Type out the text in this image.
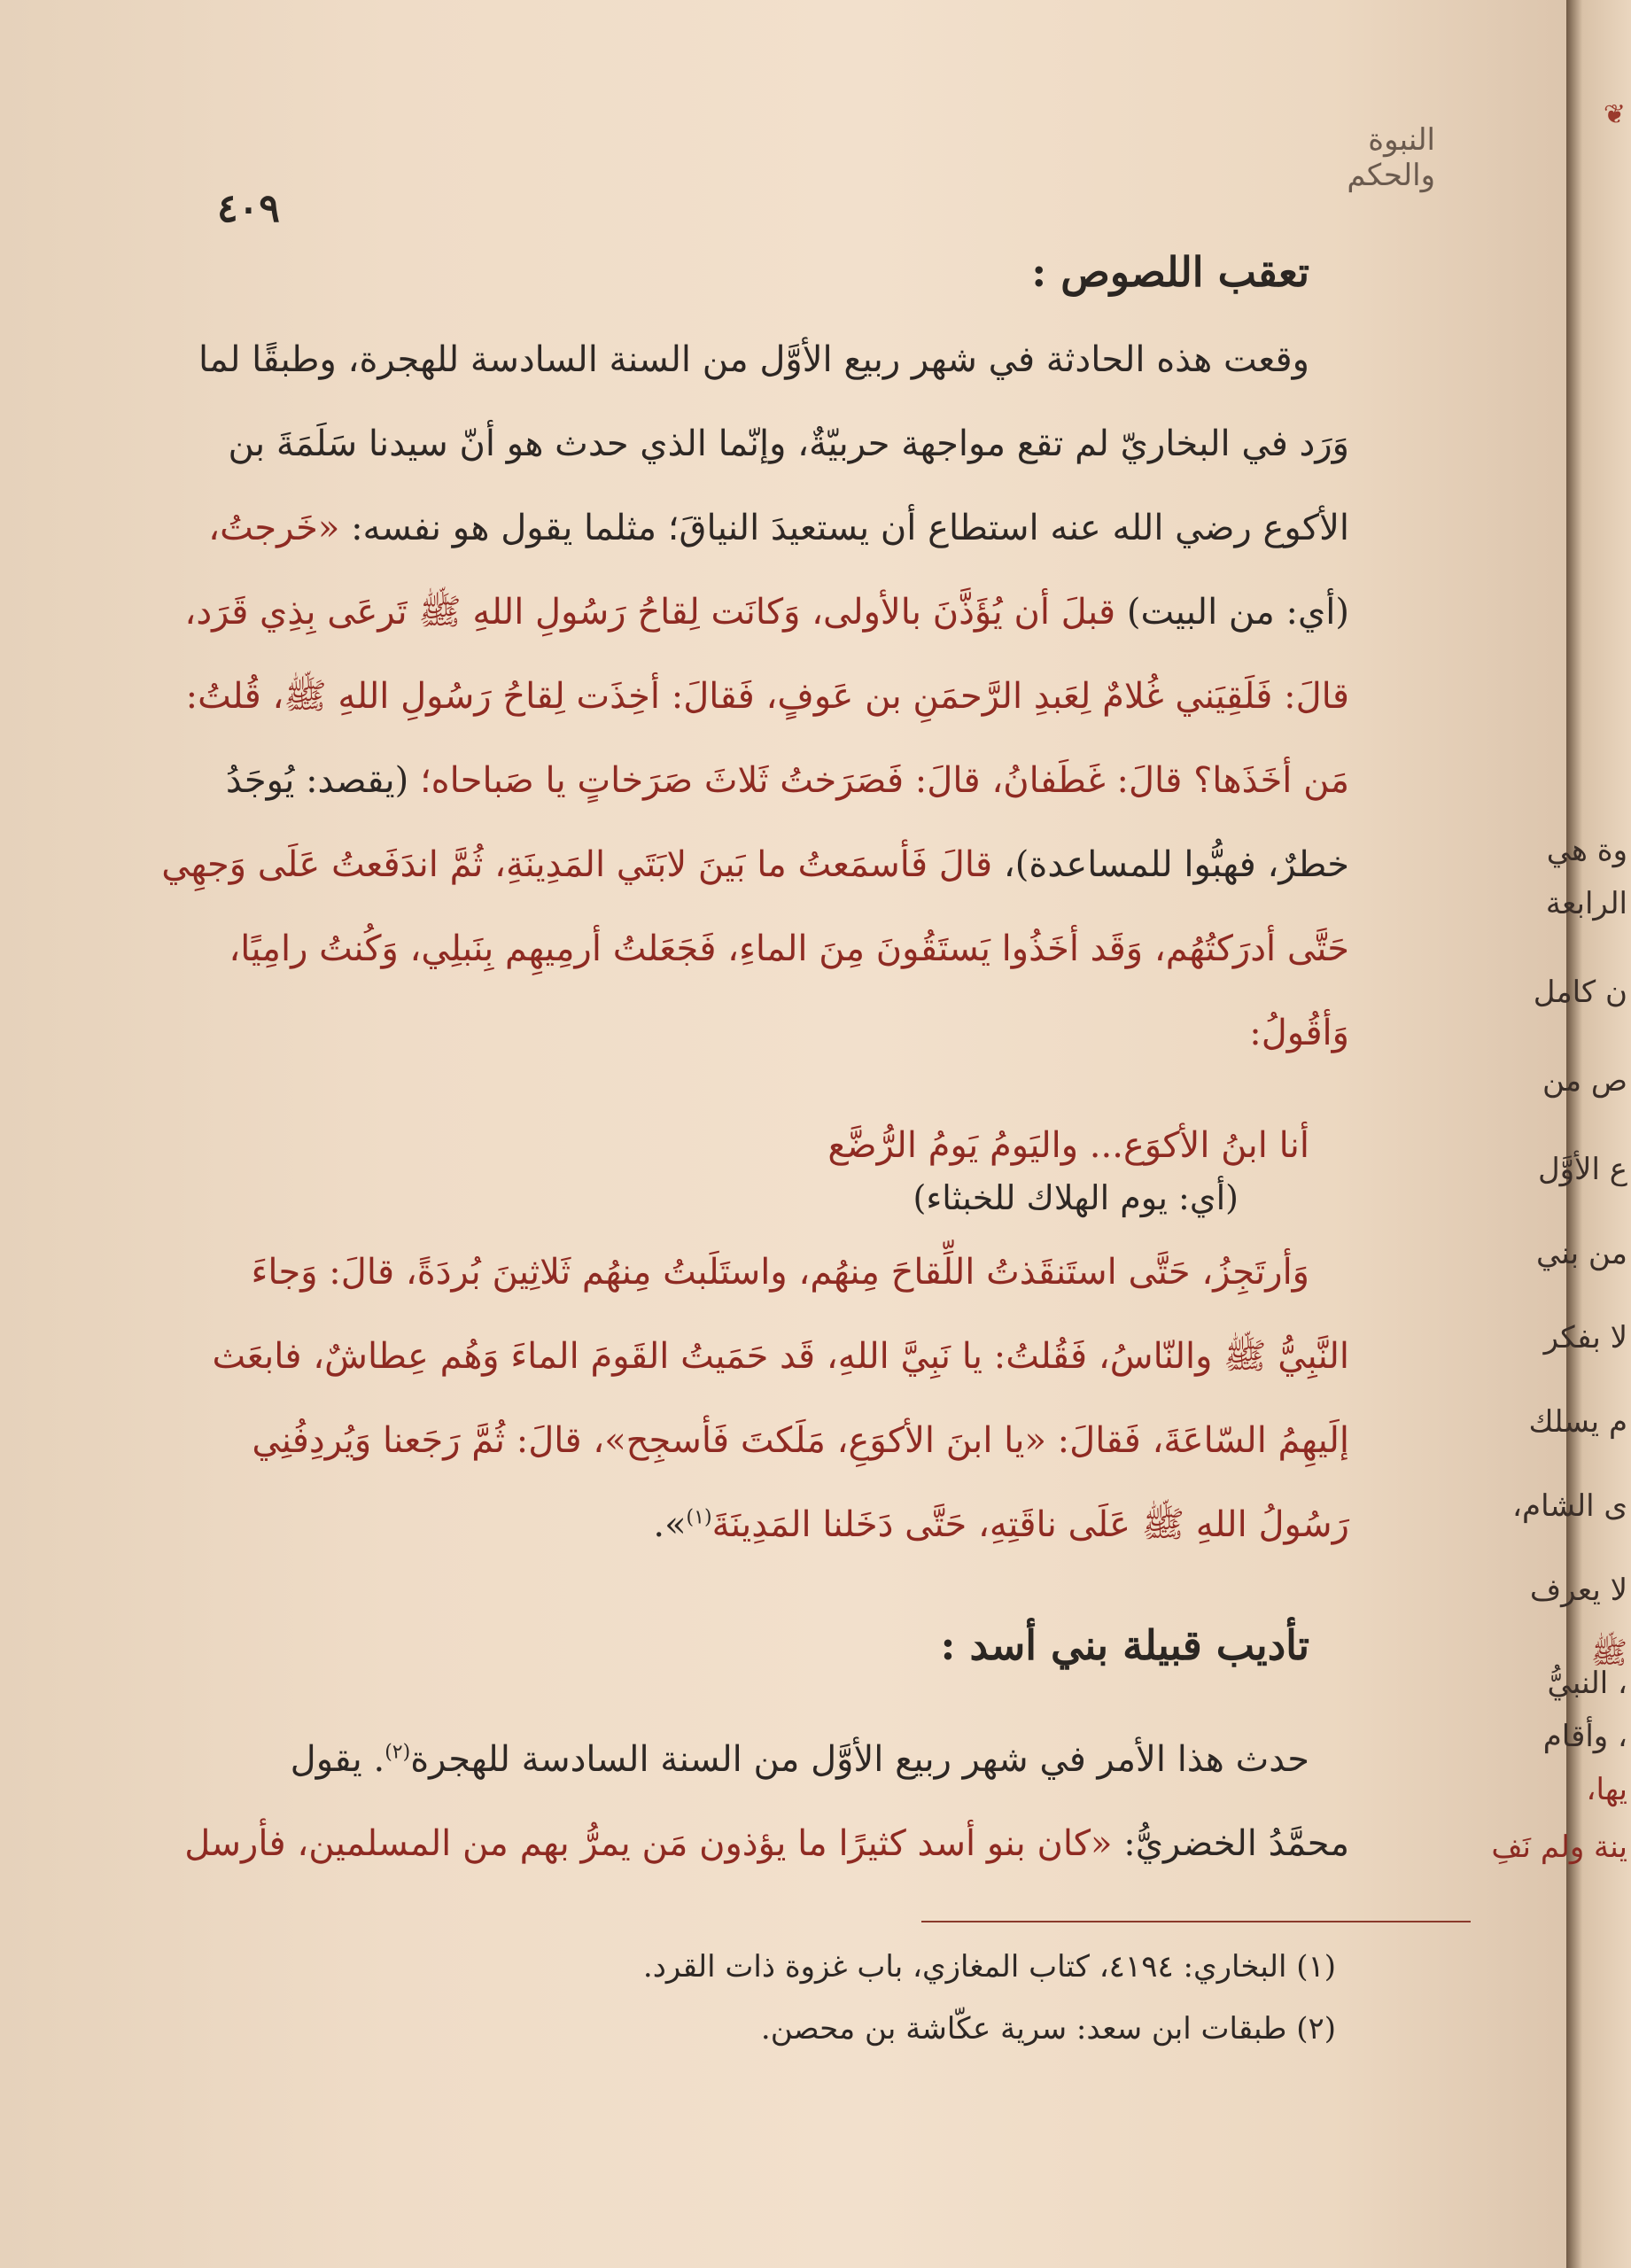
النبوة والحكم
٤٠٩
تعقب اللصوص :
وقعت هذه الحادثة في شهر ربيع الأوَّل من السنة السادسة للهجرة، وطبقًا لما
وَرَد في البخاريّ لم تقع مواجهة حربيّةٌ، وإنّما الذي حدث هو أنّ سيدنا سَلَمَةَ بن
الأكوع رضي الله عنه استطاع أن يستعيدَ النياقَ؛ مثلما يقول هو نفسه: «خَرجتُ،
(أي: من البيت) قبلَ أن يُؤَذَّنَ بالأولى، وَكانَت لِقاحُ رَسُولِ اللهِ ﷺ تَرعَى بِذِي قَرَد،
قالَ: فَلَقِيَني غُلامٌ لِعَبدِ الرَّحمَنِ بن عَوفٍ، فَقالَ: أخِذَت لِقاحُ رَسُولِ اللهِ ﷺ، قُلتُ:
مَن أخَذَها؟ قالَ: غَطَفانُ، قالَ: فَصَرَختُ ثَلاثَ صَرَخاتٍ يا صَباحاه؛ (يقصد: يُوجَدُ
خطرٌ، فهبُّوا للمساعدة)، قالَ فَأسمَعتُ ما بَينَ لابَتَي المَدِينَةِ، ثُمَّ اندَفَعتُ عَلَى وَجهِي
حَتَّى أدرَكتُهُم، وَقَد أخَذُوا يَستَقُونَ مِنَ الماءِ، فَجَعَلتُ أرمِيهِم بِنَبلِي، وَكُنتُ رامِيًا،
وَأقُولُ:
أنا ابنُ الأكوَع... واليَومُ يَومُ الرُّضَّع
(أي: يوم الهلاك للخبثاء)
وَأرتَجِزُ، حَتَّى استَنقَذتُ اللِّقاحَ مِنهُم، واستَلَبتُ مِنهُم ثَلاثِينَ بُردَةً، قالَ: وَجاءَ
النَّبِيُّ ﷺ والنّاسُ، فَقُلتُ: يا نَبِيَّ اللهِ، قَد حَمَيتُ القَومَ الماءَ وَهُم عِطاشٌ، فابعَث
إلَيهِمُ السّاعَةَ، فَقالَ: «يا ابنَ الأكوَعِ، مَلَكتَ فَأسجِح»، قالَ: ثُمَّ رَجَعنا وَيُردِفُنِي
رَسُولُ اللهِ ﷺ عَلَى ناقَتِهِ، حَتَّى دَخَلنا المَدِينَةَ$^{(١)}$».
تأديب قبيلة بني أسد :
حدث هذا الأمر في شهر ربيع الأوَّل من السنة السادسة للهجرة$^{(٢)}$. يقول
محمَّدُ الخضريُّ: «كان بنو أسد كثيرًا ما يؤذون مَن يمرُّ بهم من المسلمين، فأرسل
(١) البخاري: ٤١٩٤، كتاب المغازي، باب غزوة ذات القرد.
(٢) طبقات ابن سعد: سرية عكّاشة بن محصن.
❦
وة هي
الرابعة
ن كامل
ص من
ع الأوَّل
من بني
لا بفكر
م يسلك
ى الشام،
لا يعرف
ﷺ
، النبيُّ
، وأقام
يها،
ينة ولم نَفِ
